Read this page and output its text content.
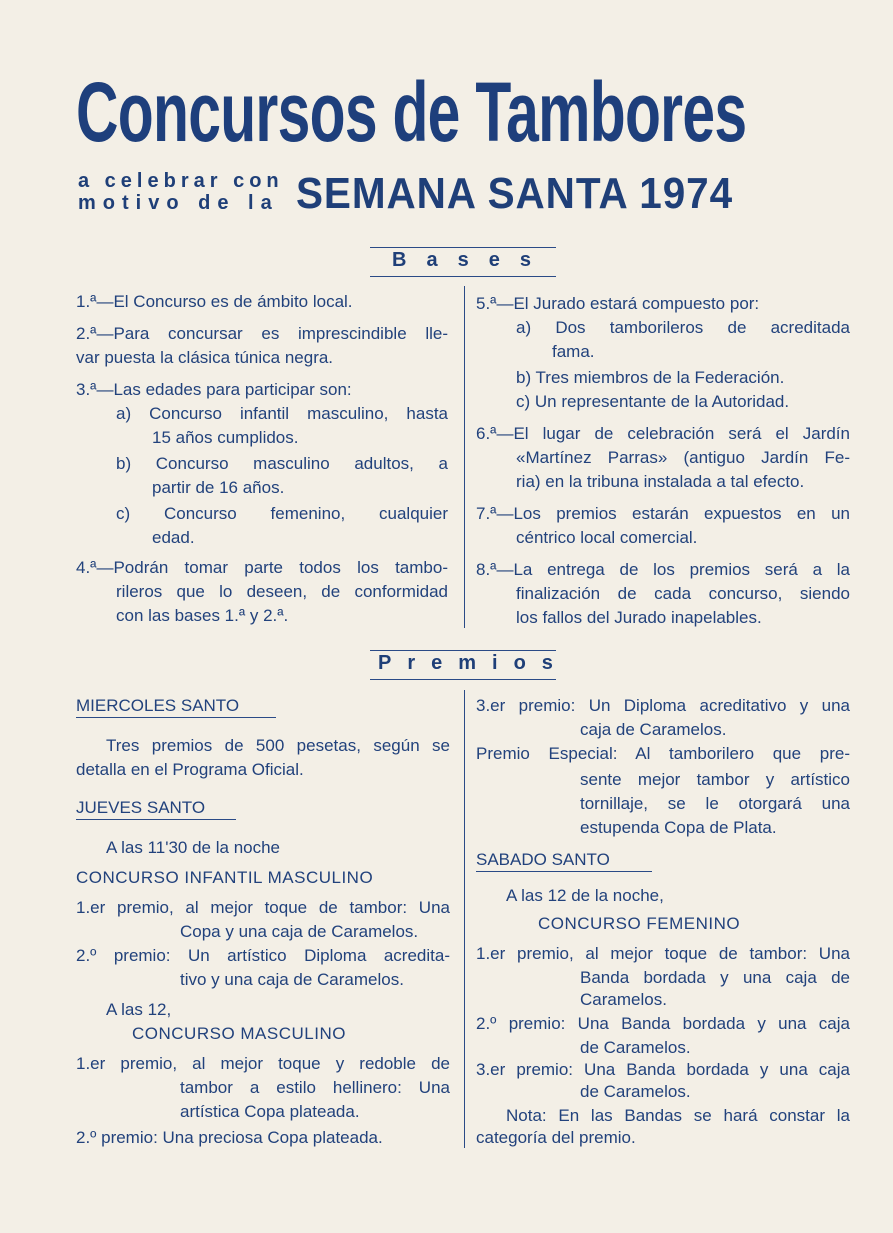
Concursos de Tambores
a celebrar con
motivo de la SEMANA SANTA 1974
Bases
1.ª—El Concurso es de ámbito local.
2.ª—Para concursar es imprescindible lle-
var puesta la clásica túnica negra.
3.ª—Las edades para participar son:
a) Concurso infantil masculino, hasta
15 años cumplidos.
b) Concurso masculino adultos, a
partir de 16 años.
c) Concurso femenino, cualquier
edad.
4.ª—Podrán tomar parte todos los tambo-
rileros que lo deseen, de conformidad
con las bases 1.ª y 2.ª.
5.ª—El Jurado estará compuesto por:
a) Dos tamborileros de acreditada
fama.
b) Tres miembros de la Federación.
c) Un representante de la Autoridad.
6.ª—El lugar de celebración será el Jardín
«Martínez Parras» (antiguo Jardín Fe-
ria) en la tribuna instalada a tal efecto.
7.ª—Los premios estarán expuestos en un
céntrico local comercial.
8.ª—La entrega de los premios será a la
finalización de cada concurso, siendo
los fallos del Jurado inapelables.
Premios
MIERCOLES SANTO
Tres premios de 500 pesetas, según se
detalla en el Programa Oficial.
JUEVES SANTO
A las 11'30 de la noche
CONCURSO INFANTIL MASCULINO
1.er premio, al mejor toque de tambor: Una
Copa y una caja de Caramelos.
2.º premio: Un artístico Diploma acredita-
tivo y una caja de Caramelos.
A las 12,
CONCURSO MASCULINO
1.er premio, al mejor toque y redoble de
tambor a estilo hellinero: Una
artística Copa plateada.
2.º premio: Una preciosa Copa plateada.
3.er premio: Un Diploma acreditativo y una
caja de Caramelos.
Premio Especial: Al tamborilero que pre-
sente mejor tambor y artístico
tornillaje, se le otorgará una
estupenda Copa de Plata.
SABADO SANTO
A las 12 de la noche,
CONCURSO FEMENINO
1.er premio, al mejor toque de tambor: Una
Banda bordada y una caja de
Caramelos.
2.º premio: Una Banda bordada y una caja
de Caramelos.
3.er premio: Una Banda bordada y una caja
de Caramelos.
Nota: En las Bandas se hará constar la
categoría del premio.
